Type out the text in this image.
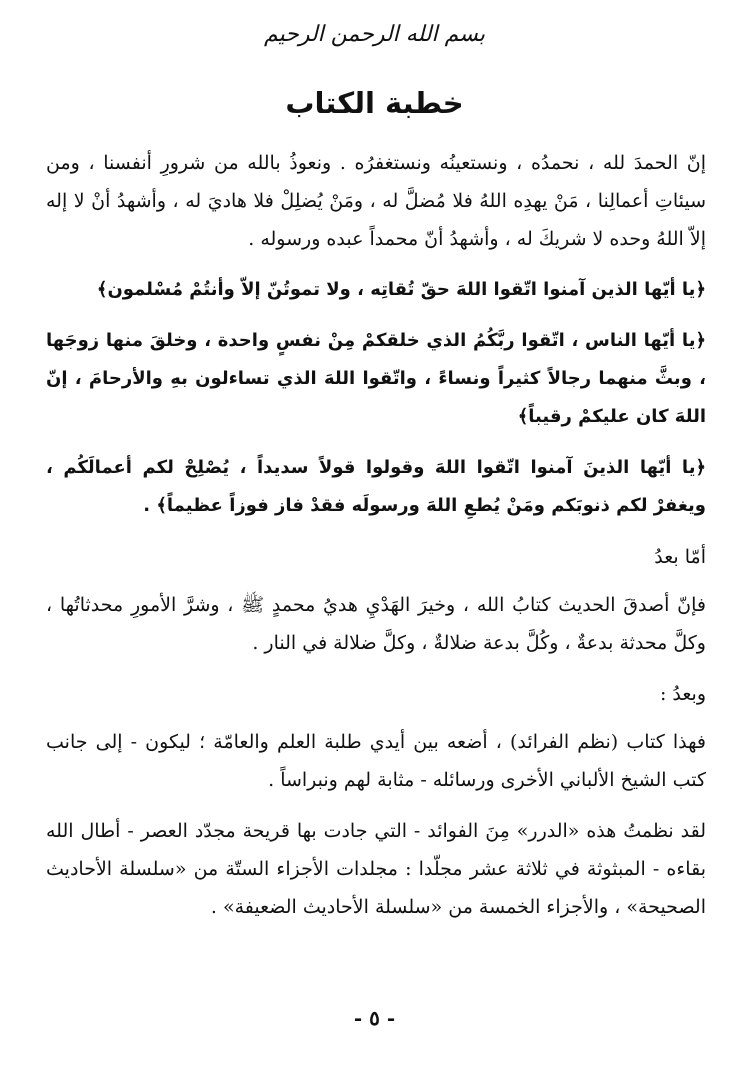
بسم الله الرحمن الرحيم
خطبة الكتاب

إنّ الحمدَ لله ، نحمدُه ، ونستعينُه ونستغفرُه . ونعوذُ بالله من شرورِ أنفسنا ، ومن سيئاتِ أعمالِنا ، مَنْ يهدِه اللهُ فلا مُضلَّ له ، ومَنْ يُضلِلْ فلا هاديَ له ، وأشهدُ أنْ لا إله إلاّ اللهُ وحده لا شريكَ له ، وأشهدُ أنّ محمداً عبده ورسوله .

﴿يا أيّها الذين آمنوا اتّقوا اللهَ حقّ تُقاتِه ، ولا تموتُنّ إلاّ وأنتُمْ مُسْلمون﴾

﴿يا أيّها الناس ، اتّقوا ربَّكُمُ الذي خلقكمْ مِنْ نفسٍ واحدة ، وخلقَ منها زوجَها ، وبثَّ منهما رجالاً كثيراً ونساءً ، واتّقوا اللهَ الذي تساءلون بهِ والأرحامَ ، إنّ اللهَ كان عليكمْ رقيباً﴾

﴿يا أيّها الذينَ آمنوا اتّقوا اللهَ وقولوا قولاً سديداً ، يُصْلِحْ لكم أعمالَكُم ، ويغفرْ لكم ذنوبَكم ومَنْ يُطعِ اللهَ ورسولَه فقدْ فاز فوزاً عظيماً﴾ .

أمّا بعدُ

فإنّ أصدقَ الحديث كتابُ الله ، وخيرَ الهَدْيِ هديُ محمدٍ ﷺ ، وشرَّ الأمورِ محدثاتُها ، وكلَّ محدثة بدعةٌ ، وكُلَّ بدعة ضلالةٌ ، وكلَّ ضلالة في النار .

وبعدُ :

فهذا كتاب (نظم الفرائد) ، أضعه بين أيدي طلبة العلم والعامّة ؛ ليكون - إلى جانب كتب الشيخ الألباني الأخرى ورسائله - مثابة لهم ونبراساً .

لقد نظمتُ هذه «الدرر» مِنَ الفوائد - التي جادت بها قريحة مجدّد العصر - أطال الله بقاءه - المبثوثة في ثلاثة عشر مجلّدا : مجلدات الأجزاء الستّة من «سلسلة الأحاديث الصحيحة» ، والأجزاء الخمسة من «سلسلة الأحاديث الضعيفة» .

- ٥ -
